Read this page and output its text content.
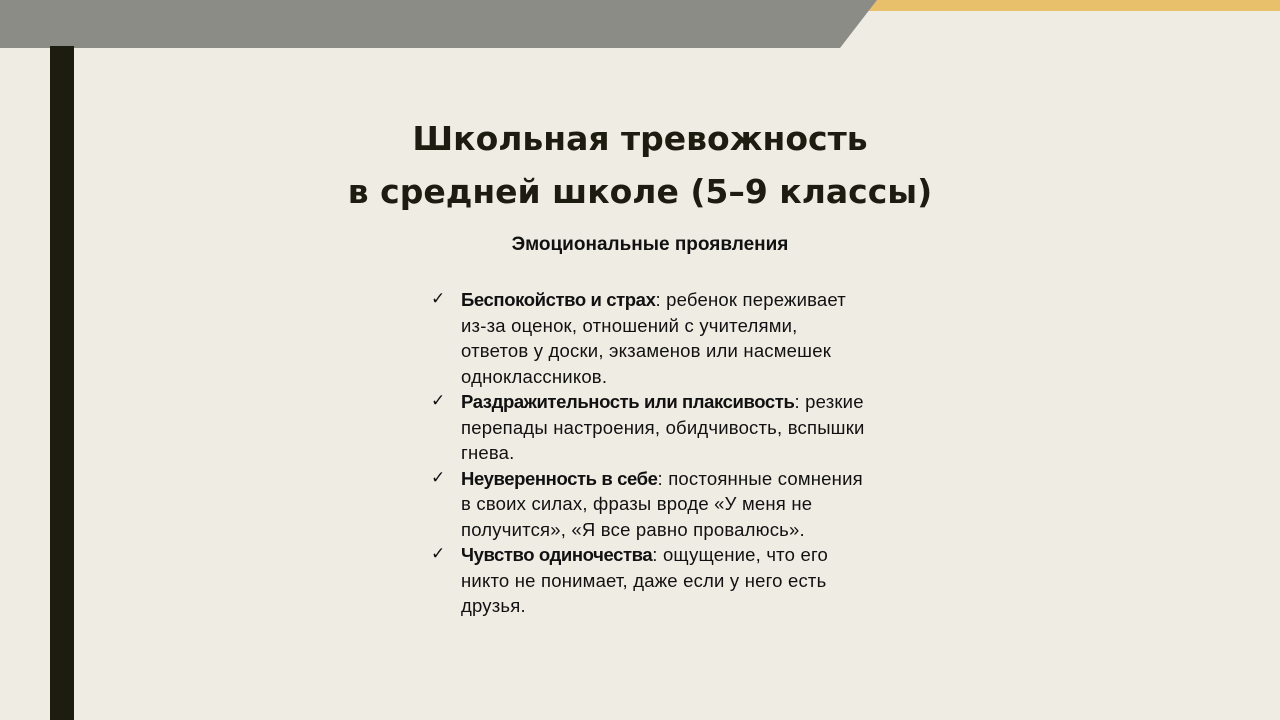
Школьная тревожность
в средней школе (5–9 классы)
Эмоциональные проявления
✓ Беспокойство и страх: ребенок переживает из-за оценок, отношений с учителями, ответов у доски, экзаменов или насмешек одноклассников.
✓ Раздражительность или плаксивость: резкие перепады настроения, обидчивость, вспышки гнева.
✓ Неуверенность в себе: постоянные сомнения в своих силах, фразы вроде «У меня не получится», «Я все равно провалюсь».
✓ Чувство одиночества: ощущение, что его никто не понимает, даже если у него есть друзья.
